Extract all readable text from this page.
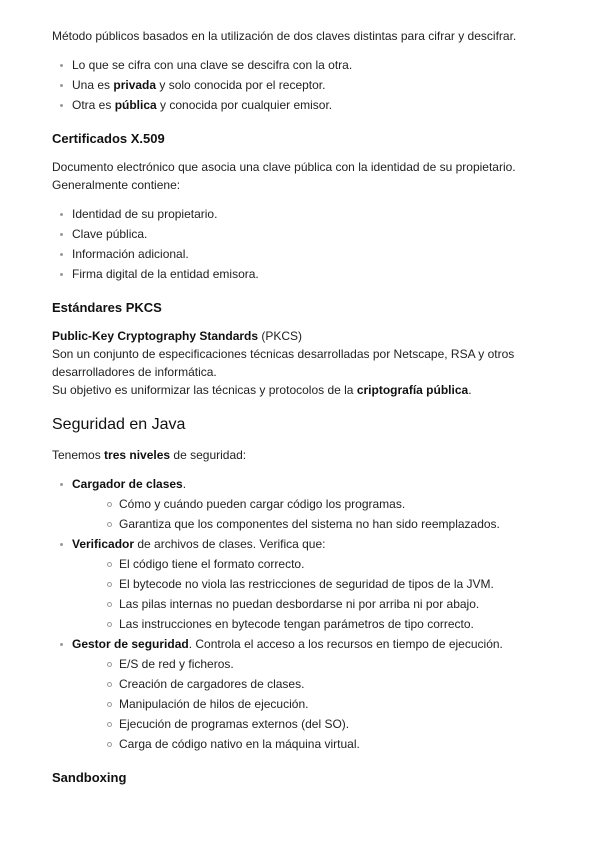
Método públicos basados en la utilización de dos claves distintas para cifrar y descifrar.

Lo que se cifra con una clave se descifra con la otra.
Una es privada y solo conocida por el receptor.
Otra es pública y conocida por cualquier emisor.
Certificados X.509

Documento electrónico que asocia una clave pública con la identidad de su propietario.

Generalmente contiene:

Identidad de su propietario.
Clave pública.
Información adicional.
Firma digital de la entidad emisora.
Estándares PKCS

Public-Key Cryptography Standards (PKCS)

Son un conjunto de especificaciones técnicas desarrolladas por Netscape, RSA y otros

desarrolladores de informática.

Su objetivo es uniformizar las técnicas y protocolos de la criptografía pública.

Seguridad en Java

Tenemos tres niveles de seguridad:

Cargador de clases.
Cómo y cuándo pueden cargar código los programas.
Garantiza que los componentes del sistema no han sido reemplazados.
Verificador de archivos de clases. Verifica que:
El código tiene el formato correcto.
El bytecode no viola las restricciones de seguridad de tipos de la JVM.
Las pilas internas no puedan desbordarse ni por arriba ni por abajo.
Las instrucciones en bytecode tengan parámetros de tipo correcto.
Gestor de seguridad. Controla el acceso a los recursos en tiempo de ejecución.
E/S de red y ficheros.
Creación de cargadores de clases.
Manipulación de hilos de ejecución.
Ejecución de programas externos (del SO).
Carga de código nativo en la máquina virtual.
Sandboxing
